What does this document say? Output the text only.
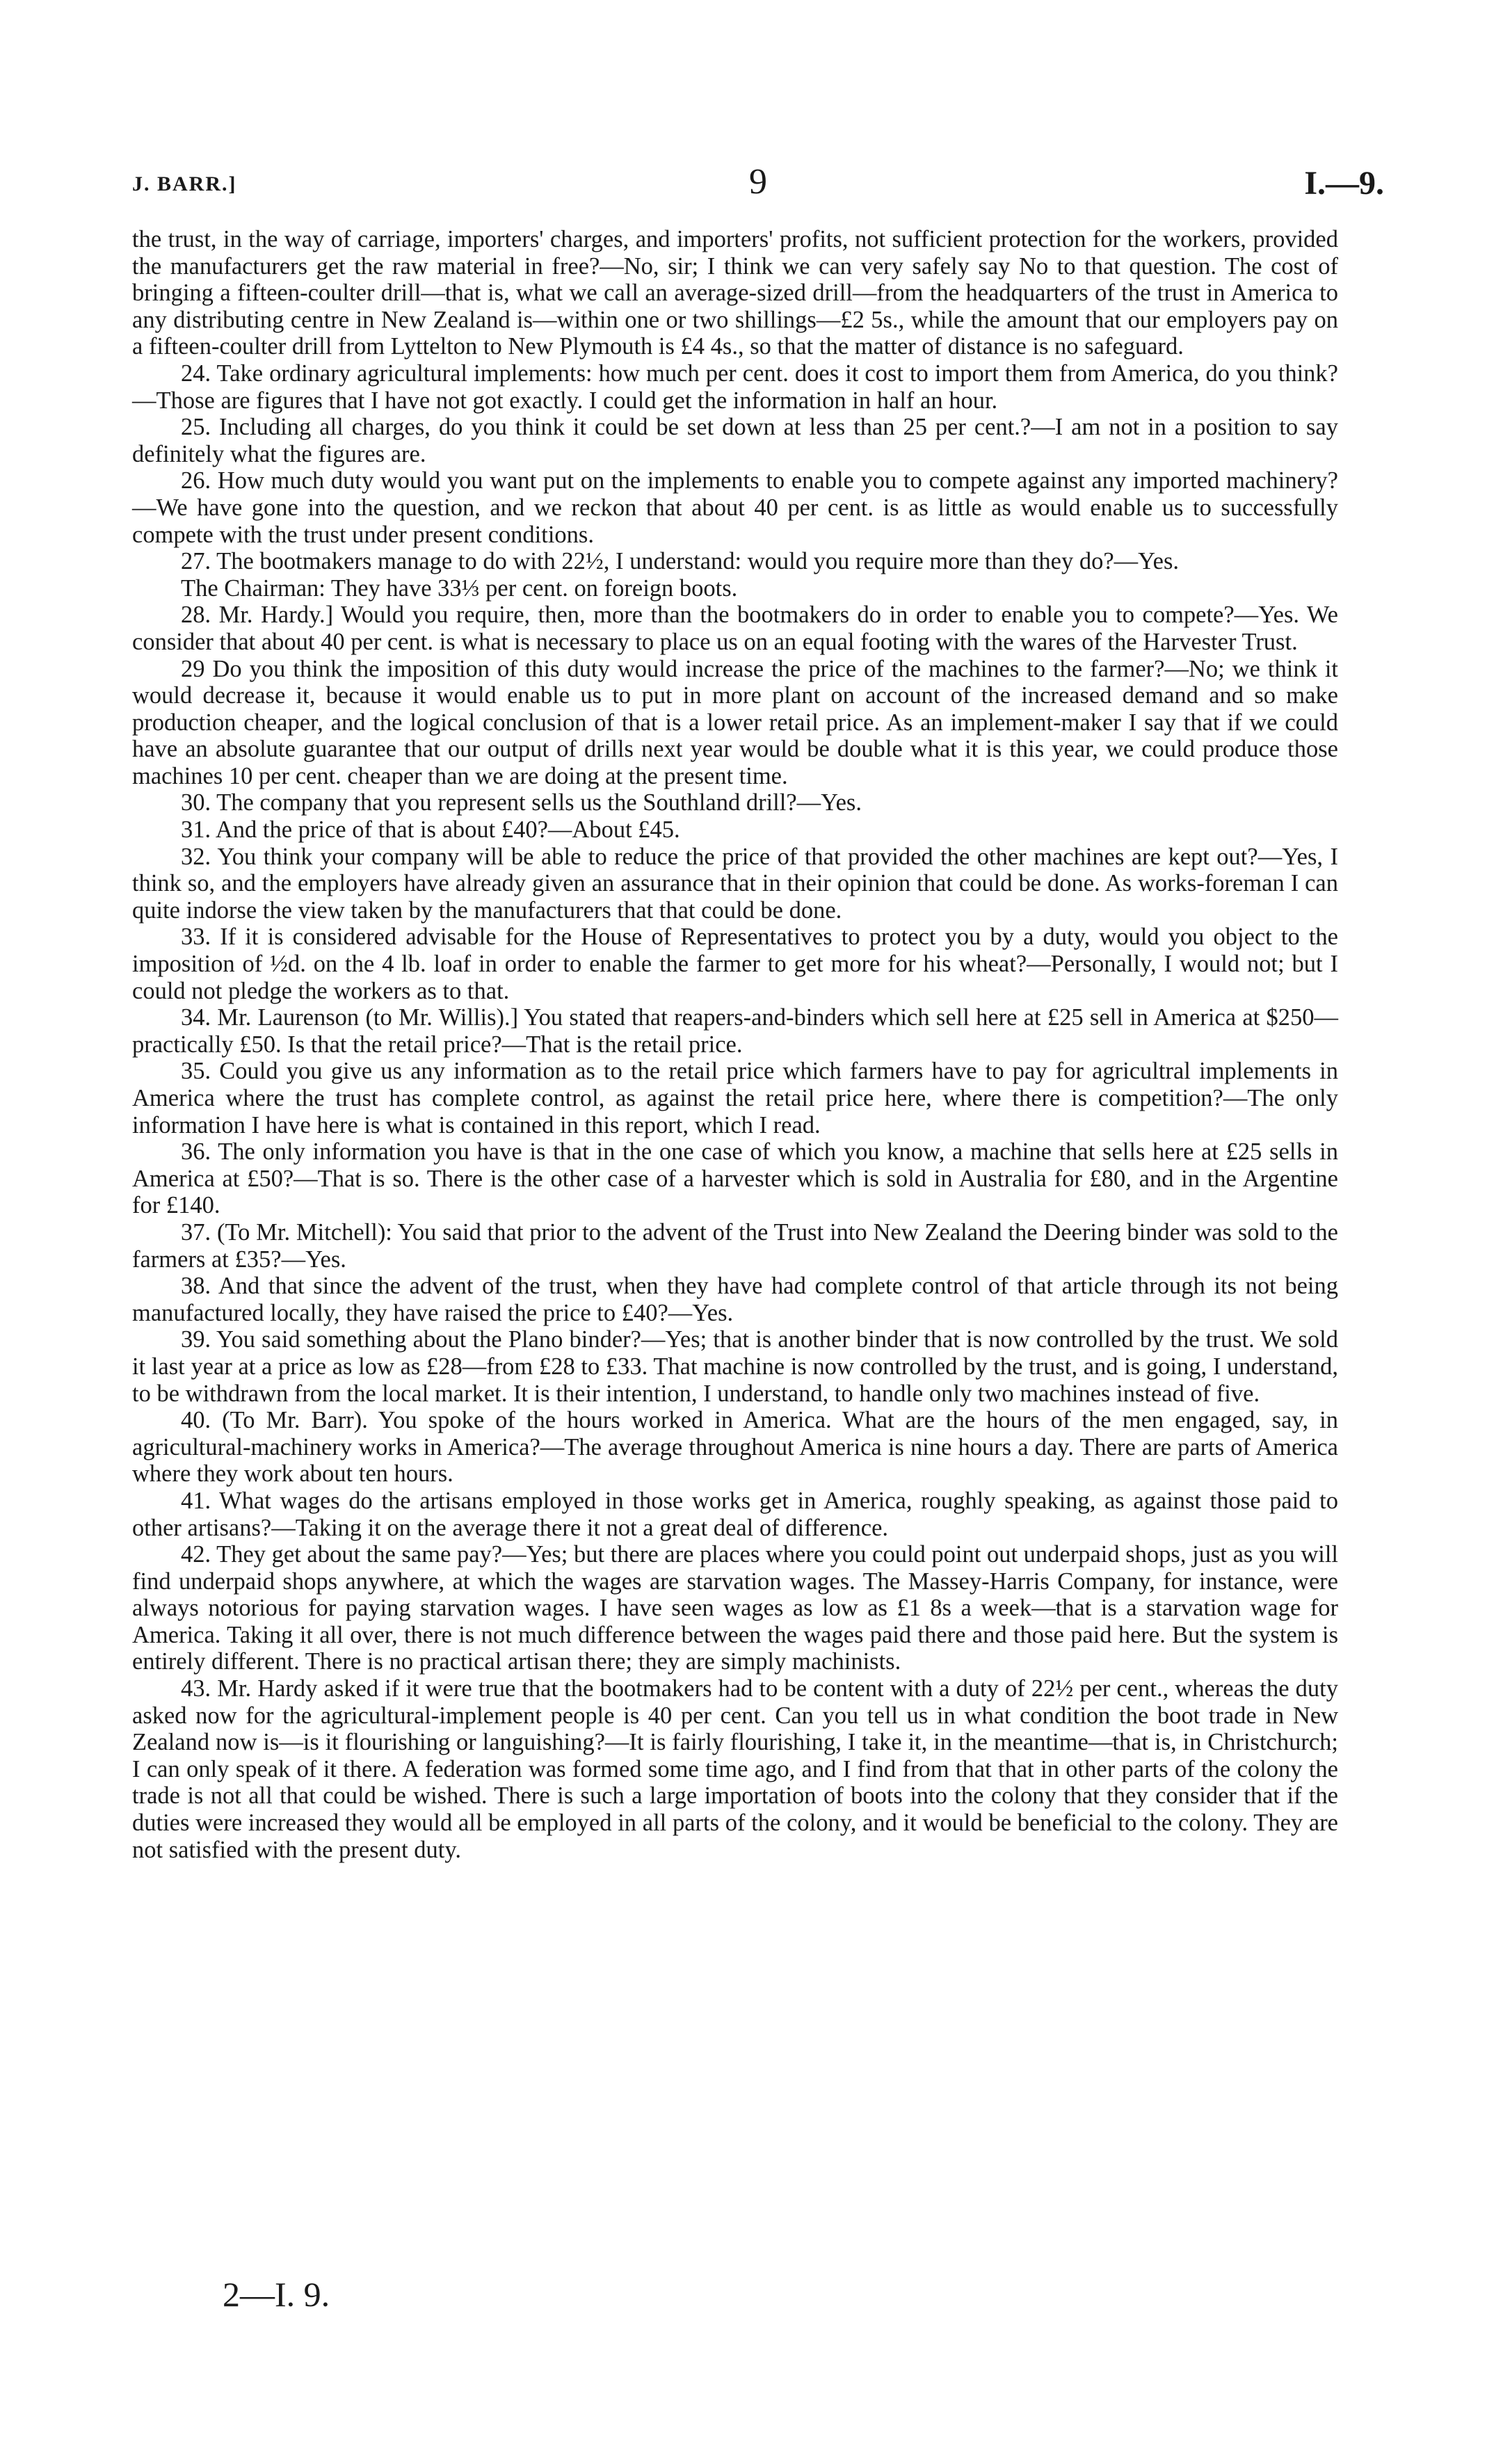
J. BARR.]	9	I.—9.

the trust, in the way of carriage, importers' charges, and importers' profits, not sufficient protection for the workers, provided the manufacturers get the raw material in free?—No, sir; I think we can very safely say No to that question. The cost of bringing a fifteen-coulter drill—that is, what we call an average-sized drill—from the headquarters of the trust in America to any distributing centre in New Zealand is—within one or two shillings—£2 5s., while the amount that our employers pay on a fifteen-coulter drill from Lyttelton to New Plymouth is £4 4s., so that the matter of distance is no safeguard.

24. Take ordinary agricultural implements: how much per cent. does it cost to import them from America, do you think?—Those are figures that I have not got exactly. I could get the information in half an hour.

25. Including all charges, do you think it could be set down at less than 25 per cent.?—I am not in a position to say definitely what the figures are.

26. How much duty would you want put on the implements to enable you to compete against any imported machinery?—We have gone into the question, and we reckon that about 40 per cent. is as little as would enable us to successfully compete with the trust under present conditions.

27. The bootmakers manage to do with 22½, I understand: would you require more than they do?—Yes.

The Chairman: They have 33⅓ per cent. on foreign boots.

28. Mr. Hardy.] Would you require, then, more than the bootmakers do in order to enable you to compete?—Yes. We consider that about 40 per cent. is what is necessary to place us on an equal footing with the wares of the Harvester Trust.

29 Do you think the imposition of this duty would increase the price of the machines to the farmer?—No; we think it would decrease it, because it would enable us to put in more plant on account of the increased demand and so make production cheaper, and the logical conclusion of that is a lower retail price. As an implement-maker I say that if we could have an absolute guarantee that our output of drills next year would be double what it is this year, we could produce those machines 10 per cent. cheaper than we are doing at the present time.

30. The company that you represent sells us the Southland drill?—Yes.

31. And the price of that is about £40?—About £45.

32. You think your company will be able to reduce the price of that provided the other machines are kept out?—Yes, I think so, and the employers have already given an assurance that in their opinion that could be done. As works-foreman I can quite indorse the view taken by the manufacturers that that could be done.

33. If it is considered advisable for the House of Representatives to protect you by a duty, would you object to the imposition of ½d. on the 4 lb. loaf in order to enable the farmer to get more for his wheat?—Personally, I would not; but I could not pledge the workers as to that.

34. Mr. Laurenson (to Mr. Willis).] You stated that reapers-and-binders which sell here at £25 sell in America at $250—practically £50. Is that the retail price?—That is the retail price.

35. Could you give us any information as to the retail price which farmers have to pay for agricultral implements in America where the trust has complete control, as against the retail price here, where there is competition?—The only information I have here is what is contained in this report, which I read.

36. The only information you have is that in the one case of which you know, a machine that sells here at £25 sells in America at £50?—That is so. There is the other case of a harvester which is sold in Australia for £80, and in the Argentine for £140.

37. (To Mr. Mitchell): You said that prior to the advent of the Trust into New Zealand the Deering binder was sold to the farmers at £35?—Yes.

38. And that since the advent of the trust, when they have had complete control of that article through its not being manufactured locally, they have raised the price to £40?—Yes.

39. You said something about the Plano binder?—Yes; that is another binder that is now controlled by the trust. We sold it last year at a price as low as £28—from £28 to £33. That machine is now controlled by the trust, and is going, I understand, to be withdrawn from the local market. It is their intention, I understand, to handle only two machines instead of five.

40. (To Mr. Barr). You spoke of the hours worked in America. What are the hours of the men engaged, say, in agricultural-machinery works in America?—The average throughout America is nine hours a day. There are parts of America where they work about ten hours.

41. What wages do the artisans employed in those works get in America, roughly speaking, as against those paid to other artisans?—Taking it on the average there it not a great deal of difference.

42. They get about the same pay?—Yes; but there are places where you could point out underpaid shops, just as you will find underpaid shops anywhere, at which the wages are starvation wages. The Massey-Harris Company, for instance, were always notorious for paying starvation wages. I have seen wages as low as £1 8s a week—that is a starvation wage for America. Taking it all over, there is not much difference between the wages paid there and those paid here. But the system is entirely different. There is no practical artisan there; they are simply machinists.

43. Mr. Hardy asked if it were true that the bootmakers had to be content with a duty of 22½ per cent., whereas the duty asked now for the agricultural-implement people is 40 per cent. Can you tell us in what condition the boot trade in New Zealand now is—is it flourishing or languishing?—It is fairly flourishing, I take it, in the meantime—that is, in Christchurch; I can only speak of it there. A federation was formed some time ago, and I find from that that in other parts of the colony the trade is not all that could be wished. There is such a large importation of boots into the colony that they consider that if the duties were increased they would all be employed in all parts of the colony, and it would be beneficial to the colony. They are not satisfied with the present duty.

2—I. 9.
